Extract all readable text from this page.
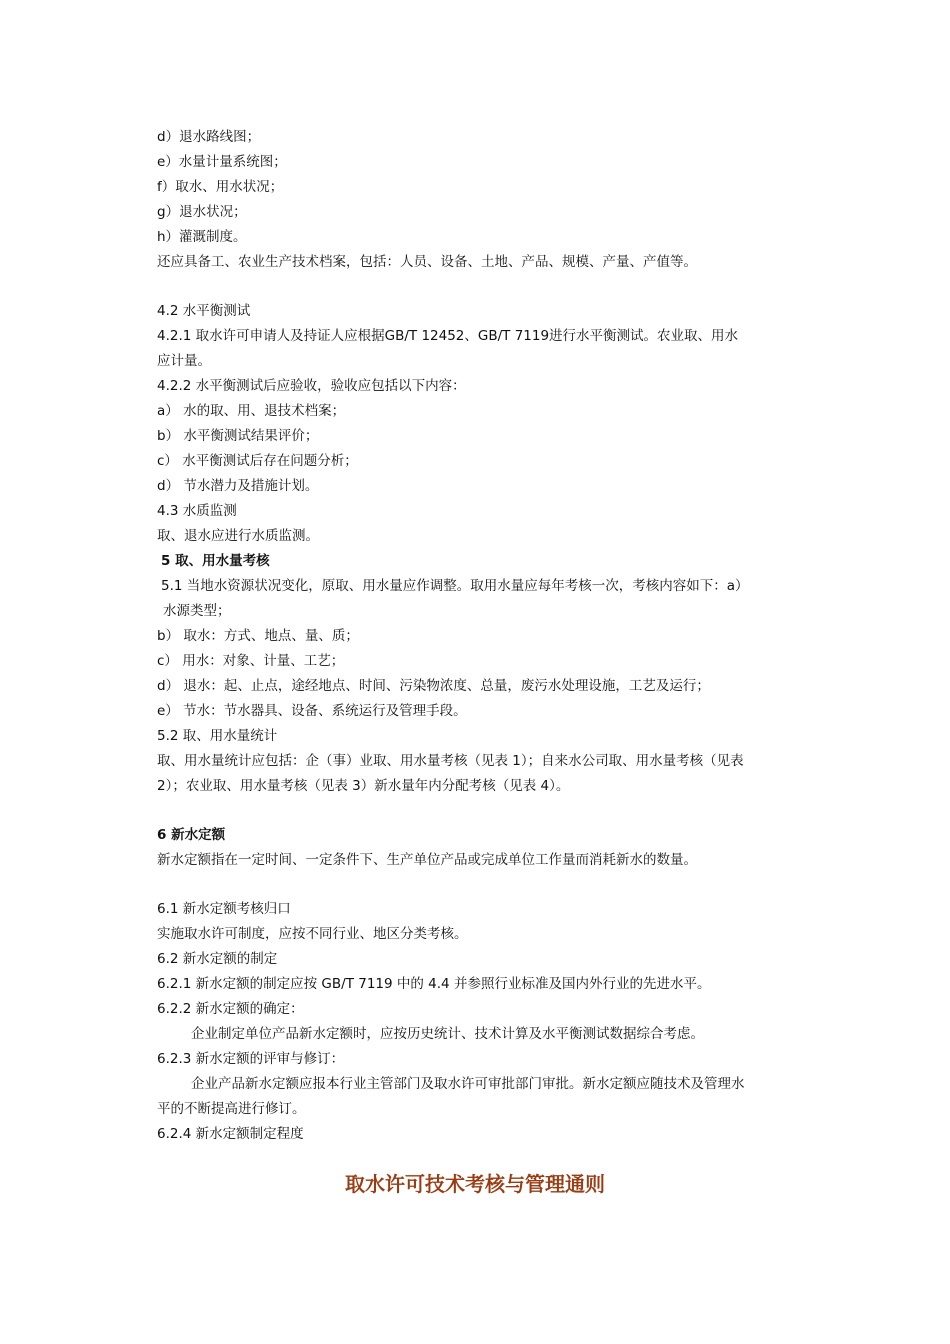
d）退水路线图；
e）水量计量系统图；
f）取水、用水状况；
g）退水状况；
h）灌溉制度。
还应具备工、农业生产技术档案，包括：人员、设备、土地、产品、规模、产量、产值等。
4.2 水平衡测试
4.2.1 取水许可申请人及持证人应根据GB/T 12452、GB/T 7119进行水平衡测试。农业取、用水
应计量。
4.2.2 水平衡测试后应验收，验收应包括以下内容：
a） 水的取、用、退技术档案；
b） 水平衡测试结果评价；
c） 水平衡测试后存在问题分析；
d） 节水潜力及措施计划。
4.3 水质监测
取、退水应进行水质监测。
5 取、用水量考核
5.1 当地水资源状况变化，原取、用水量应作调整。取用水量应每年考核一次，考核内容如下：a）
水源类型；
b） 取水：方式、地点、量、质；
c） 用水：对象、计量、工艺；
d） 退水：起、止点，途经地点、时间、污染物浓度、总量，废污水处理设施，工艺及运行；
e） 节水：节水器具、设备、系统运行及管理手段。
5.2 取、用水量统计
取、用水量统计应包括：企（事）业取、用水量考核（见表 1）；自来水公司取、用水量考核（见表
2）；农业取、用水量考核（见表 3）新水量年内分配考核（见表 4）。
6 新水定额
新水定额指在一定时间、一定条件下、生产单位产品或完成单位工作量而消耗新水的数量。
6.1 新水定额考核归口
实施取水许可制度，应按不同行业、地区分类考核。
6.2 新水定额的制定
6.2.1 新水定额的制定应按 GB/T 7119 中的 4.4 并参照行业标准及国内外行业的先进水平。
6.2.2 新水定额的确定：
企业制定单位产品新水定额时，应按历史统计、技术计算及水平衡测试数据综合考虑。
6.2.3 新水定额的评审与修订：
企业产品新水定额应报本行业主管部门及取水许可审批部门审批。新水定额应随技术及管理水
平的不断提高进行修订。
6.2.4 新水定额制定程度
取水许可技术考核与管理通则
